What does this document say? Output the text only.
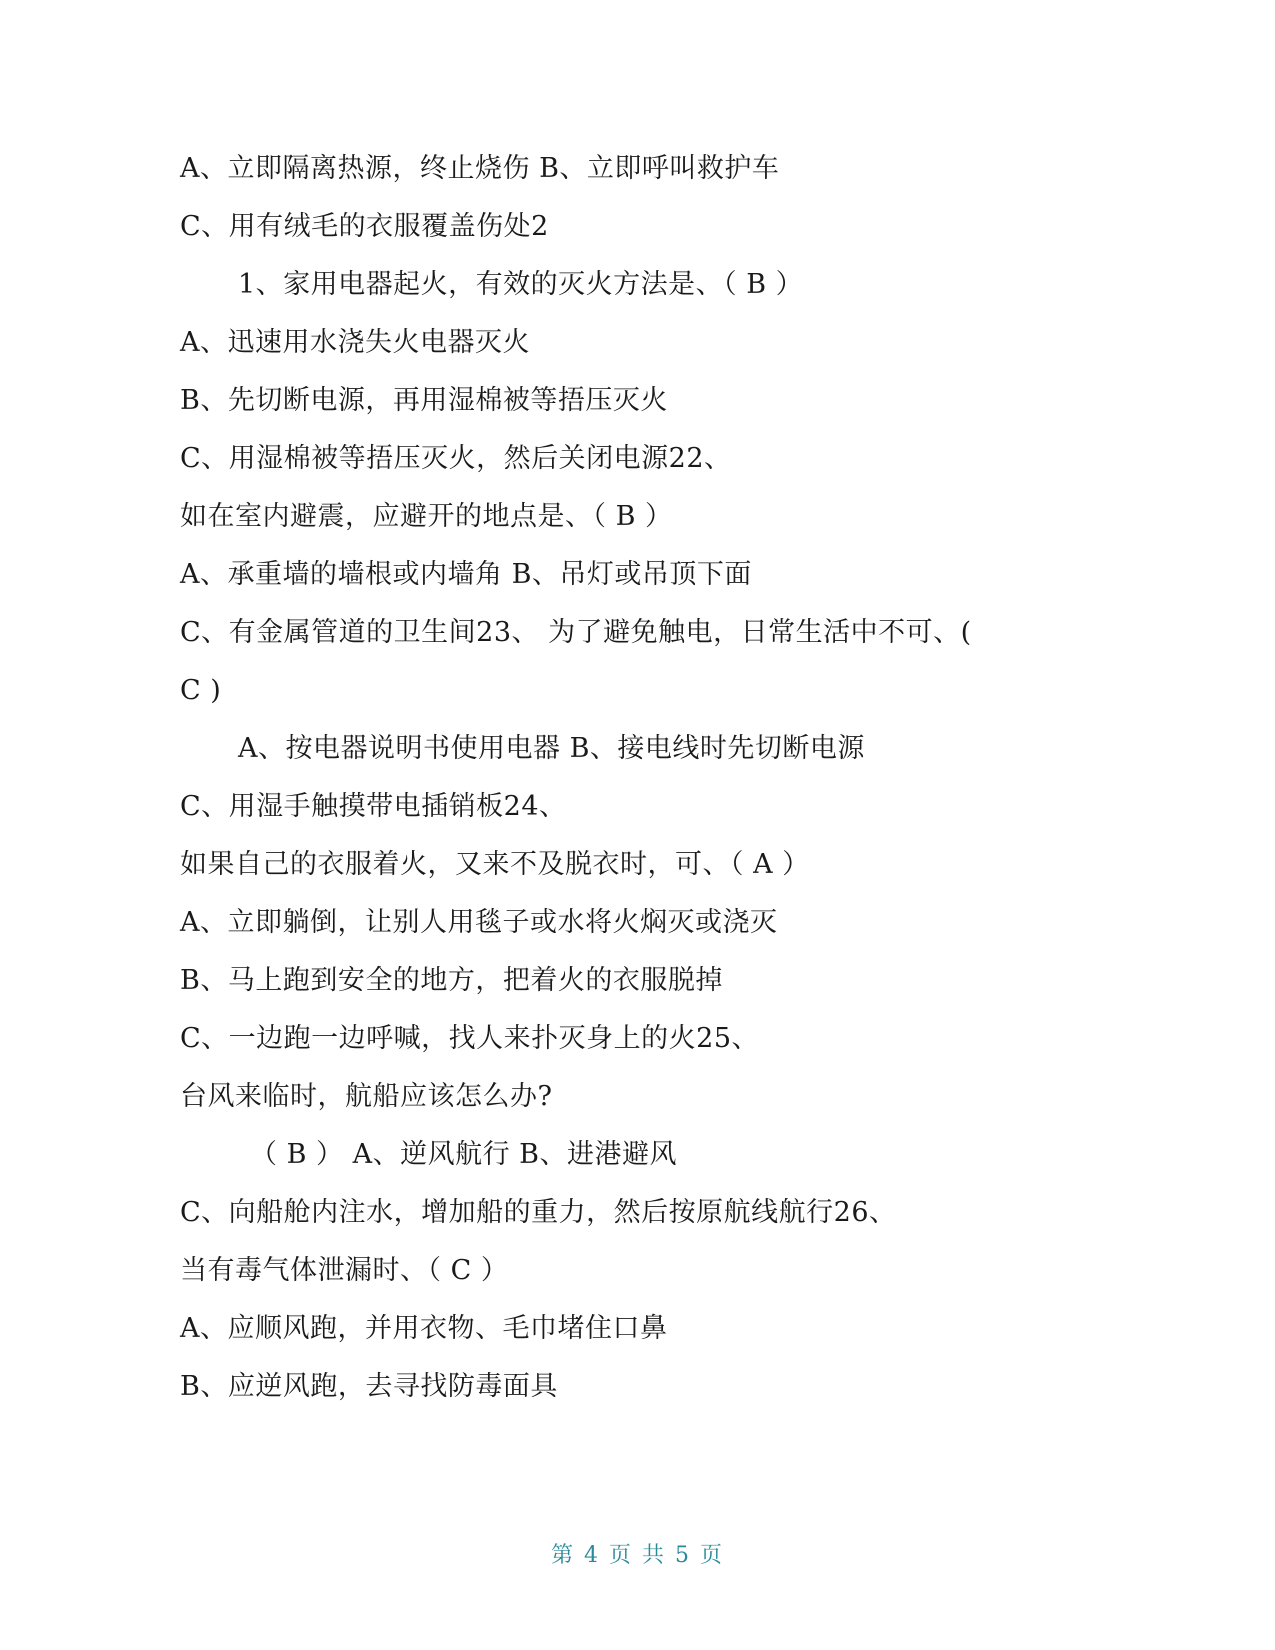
A、立即隔离热源，终止烧伤 B、立即呼叫救护车
C、用有绒毛的衣服覆盖伤处2
1、家用电器起火，有效的灭火方法是、（ B ）
A、迅速用水浇失火电器灭火
B、先切断电源，再用湿棉被等捂压灭火
C、用湿棉被等捂压灭火，然后关闭电源22、
如在室内避震，应避开的地点是、（ B ）
A、承重墙的墙根或内墙角 B、吊灯或吊顶下面
C、有金属管道的卫生间23、 为了避免触电，日常生活中不可、(
C )
A、按电器说明书使用电器 B、接电线时先切断电源
C、用湿手触摸带电插销板24、
如果自己的衣服着火，又来不及脱衣时，可、（ A ）
A、立即躺倒，让别人用毯子或水将火焖灭或浇灭
B、马上跑到安全的地方，把着火的衣服脱掉
C、一边跑一边呼喊，找人来扑灭身上的火25、
台风来临时，航船应该怎么办?
（ B ） A、逆风航行 B、进港避风
C、向船舱内注水，增加船的重力，然后按原航线航行26、
当有毒气体泄漏时、（ C ）
A、应顺风跑，并用衣物、毛巾堵住口鼻
B、应逆风跑，去寻找防毒面具
第 4 页 共 5 页
